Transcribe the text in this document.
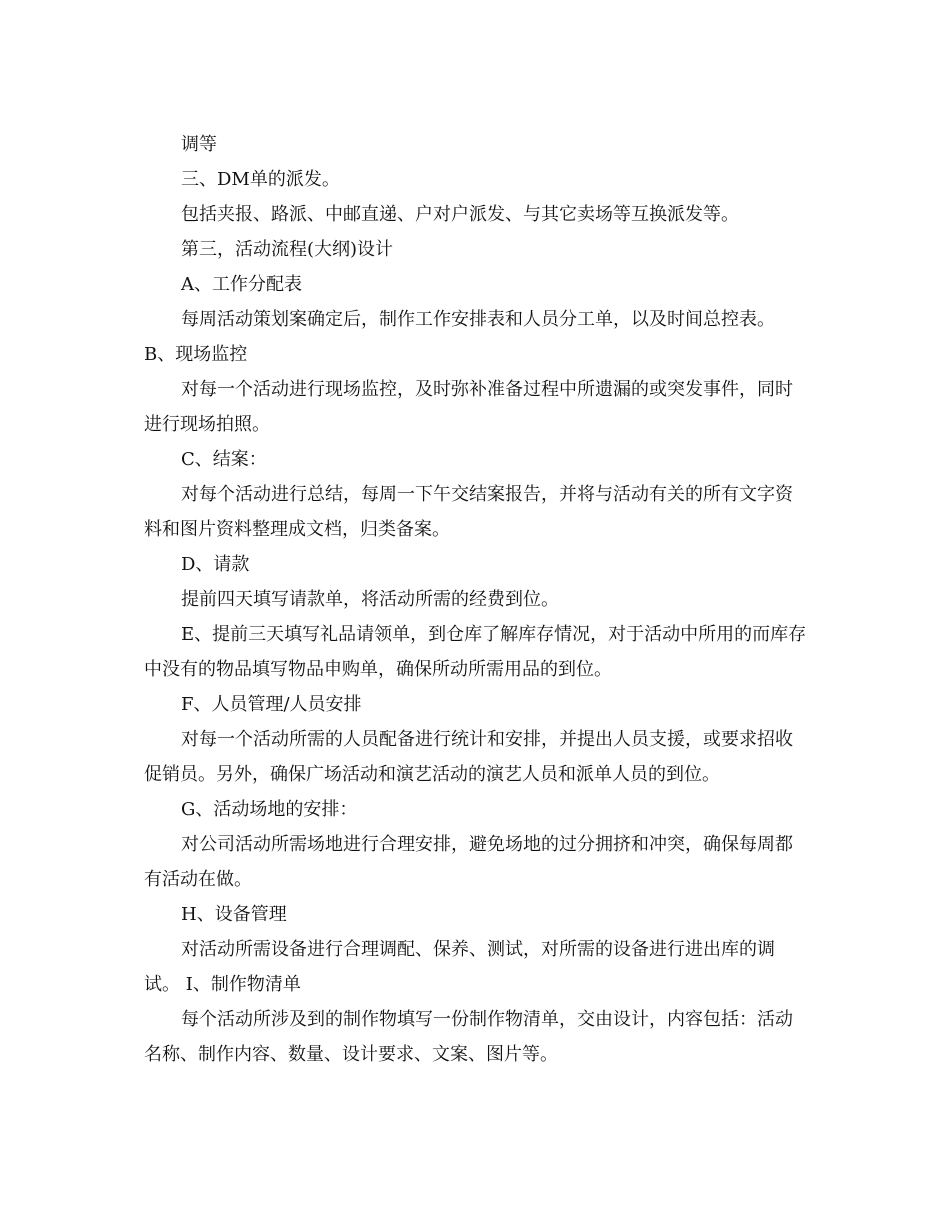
调等

三、DM单的派发。

包括夹报、路派、中邮直递、户对户派发、与其它卖场等互换派发等。

第三，活动流程(大纲)设计

A、工作分配表

每周活动策划案确定后，制作工作安排表和人员分工单，以及时间总控表。

B、现场监控

对每一个活动进行现场监控，及时弥补准备过程中所遗漏的或突发事件，同时进行现场拍照。

C、结案：

对每个活动进行总结，每周一下午交结案报告，并将与活动有关的所有文字资料和图片资料整理成文档，归类备案。

D、请款

提前四天填写请款单，将活动所需的经费到位。

E、提前三天填写礼品请领单，到仓库了解库存情况，对于活动中所用的而库存中没有的物品填写物品申购单，确保所动所需用品的到位。

F、人员管理/人员安排

对每一个活动所需的人员配备进行统计和安排，并提出人员支援，或要求招收促销员。另外，确保广场活动和演艺活动的演艺人员和派单人员的到位。

G、活动场地的安排：

对公司活动所需场地进行合理安排，避免场地的过分拥挤和冲突，确保每周都有活动在做。

H、设备管理

对活动所需设备进行合理调配、保养、测试，对所需的设备进行进出库的调试。 I、制作物清单

每个活动所涉及到的制作物填写一份制作物清单，交由设计，内容包括：活动名称、制作内容、数量、设计要求、文案、图片等。
